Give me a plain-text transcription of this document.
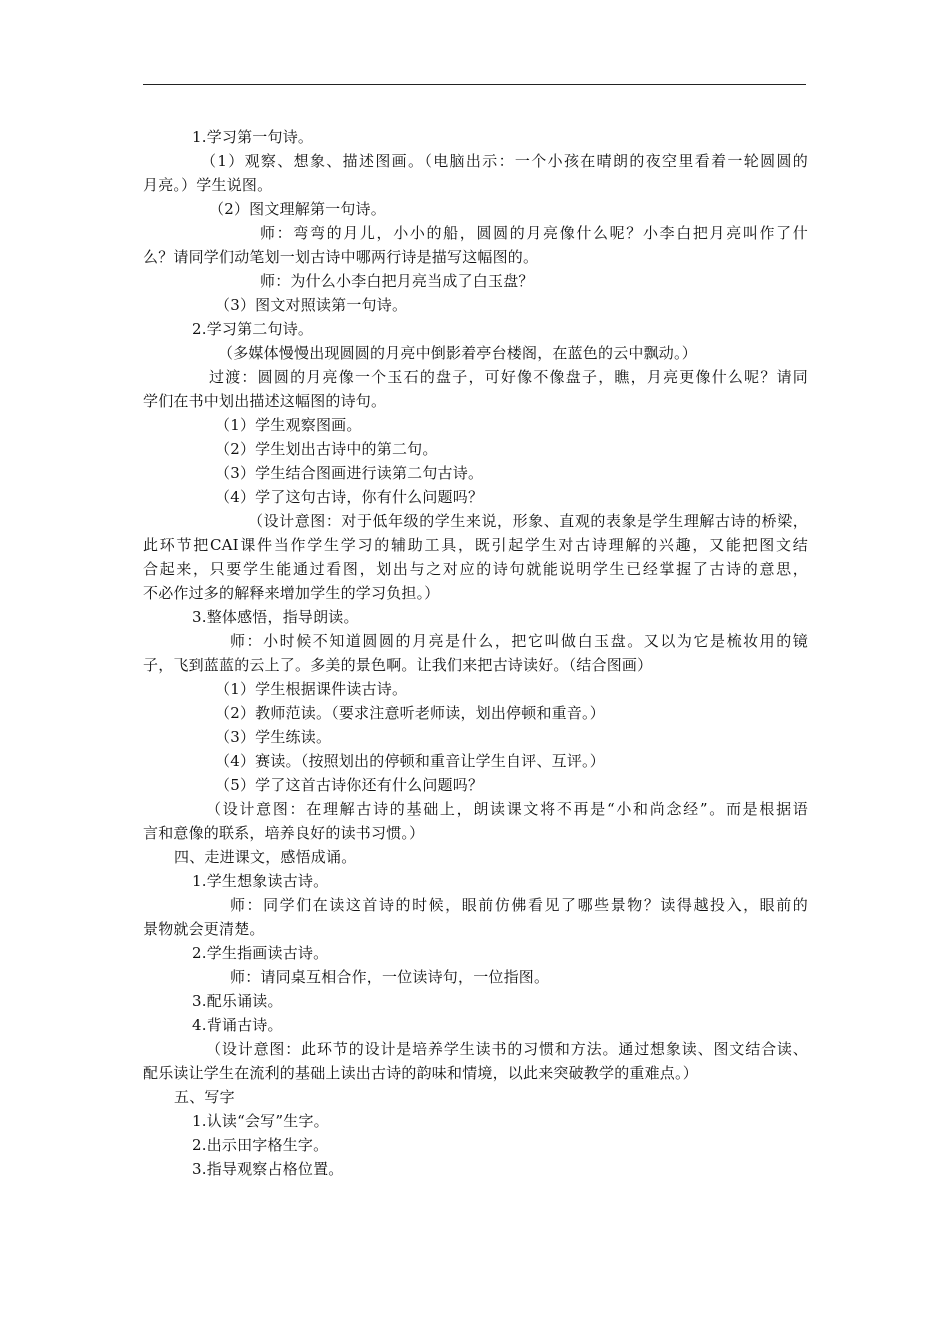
1.学习第一句诗。
（1）观察、想象、描述图画。（电脑出示：一个小孩在晴朗的夜空里看着一轮圆圆的
月亮。）学生说图。
（2）图文理解第一句诗。
师：弯弯的月儿，小小的船，圆圆的月亮像什么呢？小李白把月亮叫作了什
么？请同学们动笔划一划古诗中哪两行诗是描写这幅图的。
师：为什么小李白把月亮当成了白玉盘？
（3）图文对照读第一句诗。
2.学习第二句诗。
（多媒体慢慢出现圆圆的月亮中倒影着亭台楼阁，在蓝色的云中飘动。）
过渡：圆圆的月亮像一个玉石的盘子，可好像不像盘子，瞧，月亮更像什么呢？请同
学们在书中划出描述这幅图的诗句。
（1）学生观察图画。
（2）学生划出古诗中的第二句。
（3）学生结合图画进行读第二句古诗。
（4）学了这句古诗，你有什么问题吗？
（设计意图：对于低年级的学生来说，形象、直观的表象是学生理解古诗的桥梁，
此环节把CAI课件当作学生学习的辅助工具，既引起学生对古诗理解的兴趣，又能把图文结
合起来，只要学生能通过看图，划出与之对应的诗句就能说明学生已经掌握了古诗的意思，
不必作过多的解释来增加学生的学习负担。）
3.整体感悟，指导朗读。
师：小时候不知道圆圆的月亮是什么，把它叫做白玉盘。又以为它是梳妆用的镜
子，飞到蓝蓝的云上了。多美的景色啊。让我们来把古诗读好。（结合图画）
（1）学生根据课件读古诗。
（2）教师范读。（要求注意听老师读，划出停顿和重音。）
（3）学生练读。
（4）赛读。（按照划出的停顿和重音让学生自评、互评。）
（5）学了这首古诗你还有什么问题吗？
（设计意图：在理解古诗的基础上，朗读课文将不再是“小和尚念经”。而是根据语
言和意像的联系，培养良好的读书习惯。）
四、走进课文，感悟成诵。
1.学生想象读古诗。
师：同学们在读这首诗的时候，眼前仿佛看见了哪些景物？读得越投入，眼前的
景物就会更清楚。
2.学生指画读古诗。
师：请同桌互相合作，一位读诗句，一位指图。
3.配乐诵读。
4.背诵古诗。
（设计意图：此环节的设计是培养学生读书的习惯和方法。通过想象读、图文结合读、
配乐读让学生在流利的基础上读出古诗的韵味和情境，以此来突破教学的重难点。）
五、写字
1.认读“会写”生字。
2.出示田字格生字。
3.指导观察占格位置。
